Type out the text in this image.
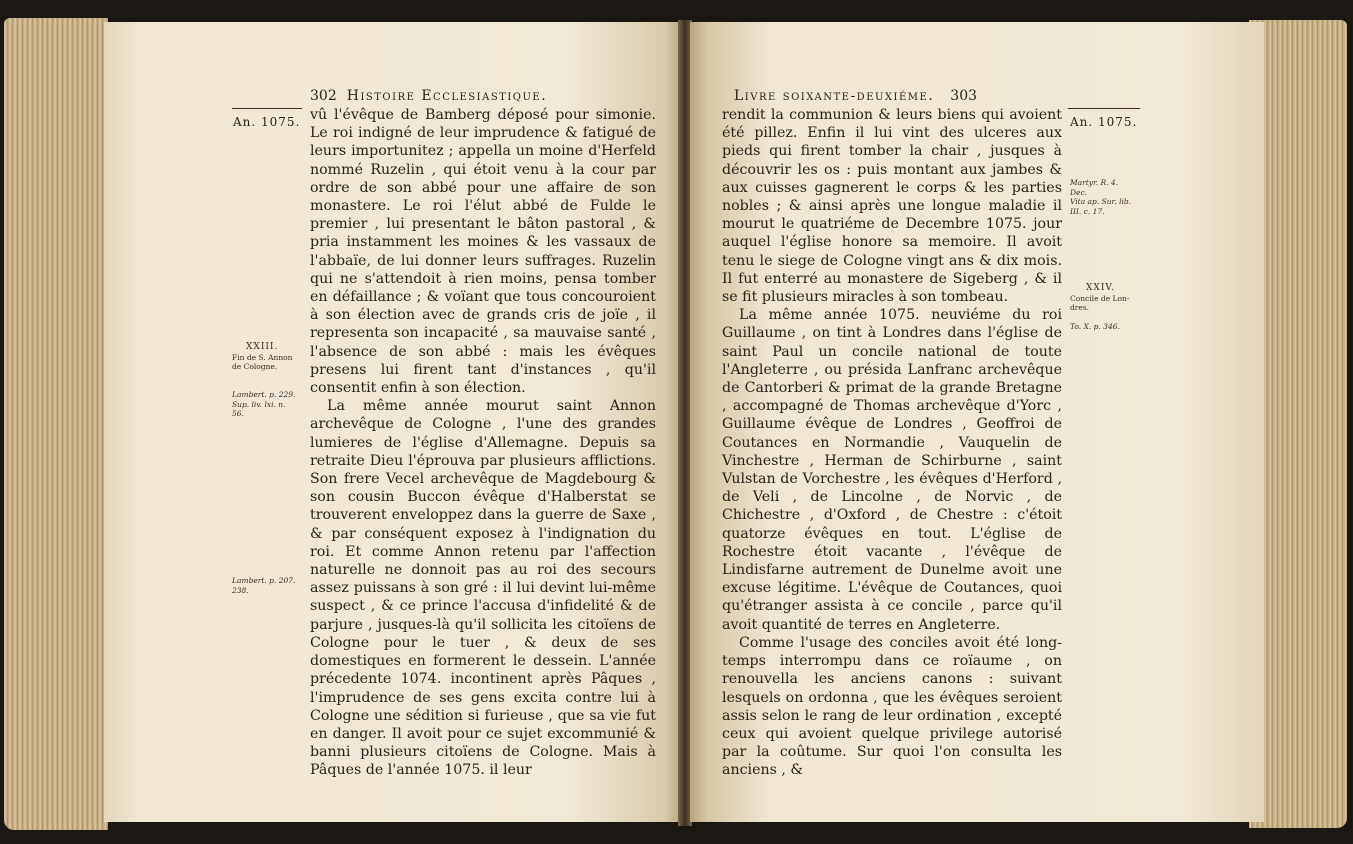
302 Histoire Ecclesiastique.
An. 1075.
XXIII.
Fin de S. Annon
de Cologne.
Lambert. p. 229.
Sup. liv. lxi. n.
56.
Lambert. p. 207.
238.

vû l'évêque de Bamberg déposé pour simonie. Le roi indigné de leur imprudence & fatigué de leurs importunitez ; appella un moine d'Herfeld nommé Ruzelin , qui étoit venu à la cour par ordre de son abbé pour une affaire de son monastere. Le roi l'élut abbé de Fulde le premier , lui presentant le bâton pastoral , & pria instamment les moines & les vassaux de l'abbaïe, de lui donner leurs suffrages. Ruzelin qui ne s'attendoit à rien moins, pensa tomber en défaillance ; & voïant que tous concouroient à son élection avec de grands cris de joïe , il representa son incapacité , sa mauvaise santé , l'absence de son abbé : mais les évêques presens lui firent tant d'instances , qu'il consentit enfin à son élection.

La même année mourut saint Annon archevêque de Cologne , l'une des grandes lumieres de l'église d'Allemagne. Depuis sa retraite Dieu l'éprouva par plusieurs afflictions. Son frere Vecel archevêque de Magdebourg & son cousin Buccon évêque d'Halberstat se trouverent enveloppez dans la guerre de Saxe , & par conséquent exposez à l'indignation du roi. Et comme Annon retenu par l'affection naturelle ne donnoit pas au roi des secours assez puissans à son gré : il lui devint lui-même suspect , & ce prince l'accusa d'infidelité & de parjure , jusques-là qu'il sollicita les citoïens de Cologne pour le tuer , & deux de ses domestiques en formerent le dessein. L'année précedente 1074. incontinent après Pâques , l'imprudence de ses gens excita contre lui à Cologne une sédition si furieuse , que sa vie fut en danger. Il avoit pour ce sujet excommunié & banni plusieurs citoïens de Cologne. Mais à Pâques de l'année 1075. il leur

Livre soixante-deuxiéme. 303
An. 1075.
Martyr. R. 4.
Dec.
Vita ap. Sur. lib.
III. c. 17.
XXIV.
Concile de Lon-
dres.
To. X. p. 346.

rendit la communion & leurs biens qui avoient été pillez. Enfin il lui vint des ulceres aux pieds qui firent tomber la chair , jusques à découvrir les os : puis montant aux jambes & aux cuisses gagnerent le corps & les parties nobles ; & ainsi après une longue maladie il mourut le quatriéme de Decembre 1075. jour auquel l'église honore sa memoire. Il avoit tenu le siege de Cologne vingt ans & dix mois. Il fut enterré au monastere de Sigeberg , & il se fit plusieurs miracles à son tombeau.

La même année 1075. neuviéme du roi Guillaume , on tint à Londres dans l'église de saint Paul un concile national de toute l'Angleterre , ou présida Lanfranc archevêque de Cantorberi & primat de la grande Bretagne , accompagné de Thomas archevêque d'Yorc , Guillaume évêque de Londres , Geoffroi de Coutances en Normandie , Vauquelin de Vinchestre , Herman de Schirburne , saint Vulstan de Vorchestre , les évêques d'Herford , de Veli , de Lincolne , de Norvic , de Chichestre , d'Oxford , de Chestre : c'étoit quatorze évêques en tout. L'église de Rochestre étoit vacante , l'évêque de Lindisfarne autrement de Dunelme avoit une excuse légitime. L'évêque de Coutances, quoi qu'étranger assista à ce concile , parce qu'il avoit quantité de terres en Angleterre.

Comme l'usage des conciles avoit été long-temps interrompu dans ce roïaume , on renouvella les anciens canons : suivant lesquels on ordonna , que les évêques seroient assis selon le rang de leur ordination , excepté ceux qui avoient quelque privilege autorisé par la coûtume. Sur quoi l'on consulta les anciens , &
